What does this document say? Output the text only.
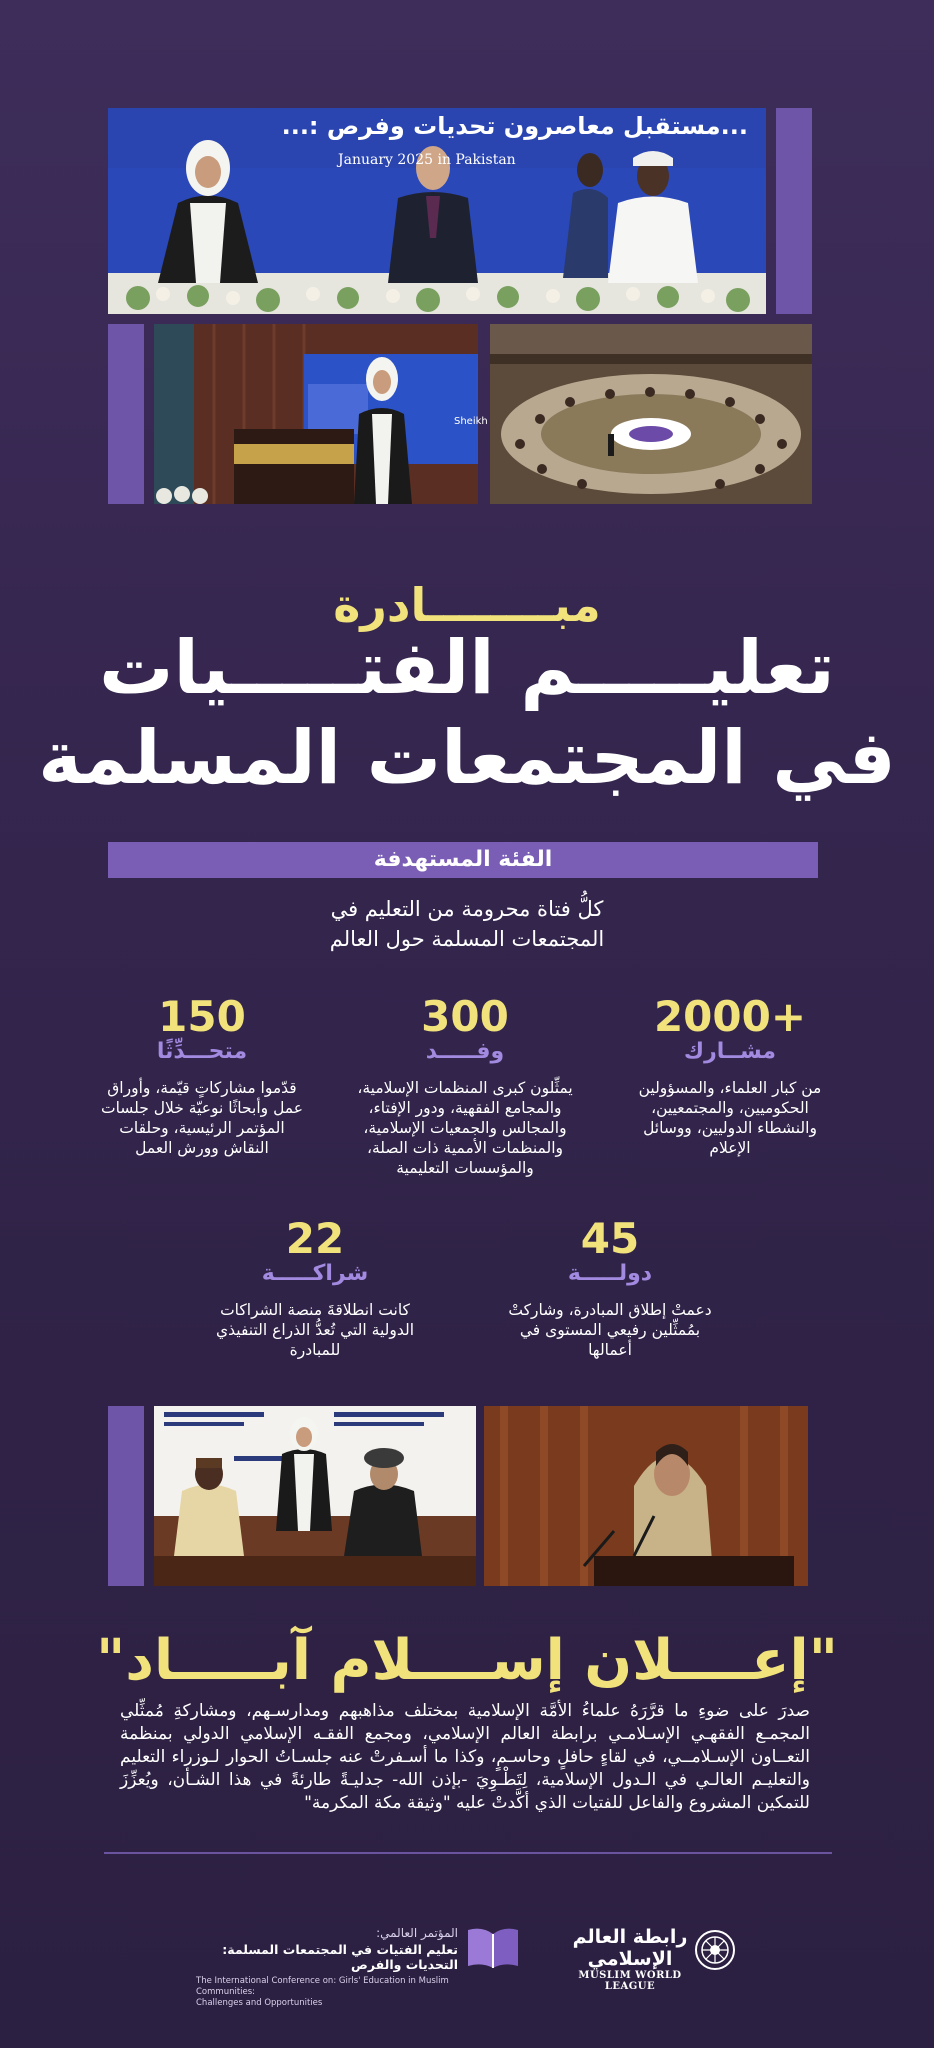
...: مستقبل معاصرون تحديات وفرص...
January 2025 in Pakistan
Sheikh
مبــــــــادرة
تعليـــــم الفتـــــيات
في المجتمعات المسلمة
الفئة المستهدفة
كلُّ فتاة محرومة من التعليم في
المجتمعات المسلمة حول العالم
2000+
مشــارك
من كبار العلماء، والمسؤولين
الحكوميين، والمجتمعيين،
والنشطاء الدوليين، ووسائل
الإعلام
300
وفـــــد
يمثِّلون كبرى المنظمات الإسلامية،
والمجامع الفقهية، ودور الإفتاء،
والمجالس والجمعيات الإسلامية،
والمنظمات الأممية ذات الصلة،
والمؤسسات التعليمية
150
متحـــدِّثًا
قدّموا مشاركاتٍ قيّمة، وأوراق
عمل وأبحاثًا نوعيّة خلال جلسات
المؤتمر الرئيسية، وحلقات
النقاش وورش العمل
45
دولـــــة
دعمتْ إطلاق المبادرة، وشاركتْ
بمُمثِّلين رفيعي المستوى في
أعمالها
22
شراكـــــة
كانت انطلاقةَ منصة الشراكات
الدولية التي تُعدُّ الذراع التنفيذي
للمبادرة
"إعــــلان إســــلام آبـــــاد"
صدرَ على ضوءِ ما قرَّرَهُ علماءُ الأمَّة الإسلامية بمختلف مذاهبهم ومدارسـهم، ومشاركةِ مُمثِّلي المجمـع الفقهـي الإسـلامـي برابطة العالم الإسلامي، ومجمع الفقـه الإسلامي الدولي بمنظمة التعــاون الإسـلامــي، في لقاءٍ حافلٍ وحاسـمٍ، وكذا ما أسـفرتْ عنه جلسـاتُ الحوار لـوزراء التعليم والتعليـم العالـي في الـدول الإسلامية، لِتَطْـوِيَ -بإذن الله- جدليـةً طارئةً في هذا الشـأن، ويُعزِّزَ للتمكين المشروع والفاعل للفتيات الذي أكَّدتْ عليه "وثيقة مكة المكرمة"
المؤتمر العالمي:
تعليم الفتيات في المجتمعات المسلمة: التحديات والفرص
The International Conference on: Girls' Education in Muslim Communities:
Challenges and Opportunities
رابطة العالم الإسلامي
MUSLIM WORLD LEAGUE
